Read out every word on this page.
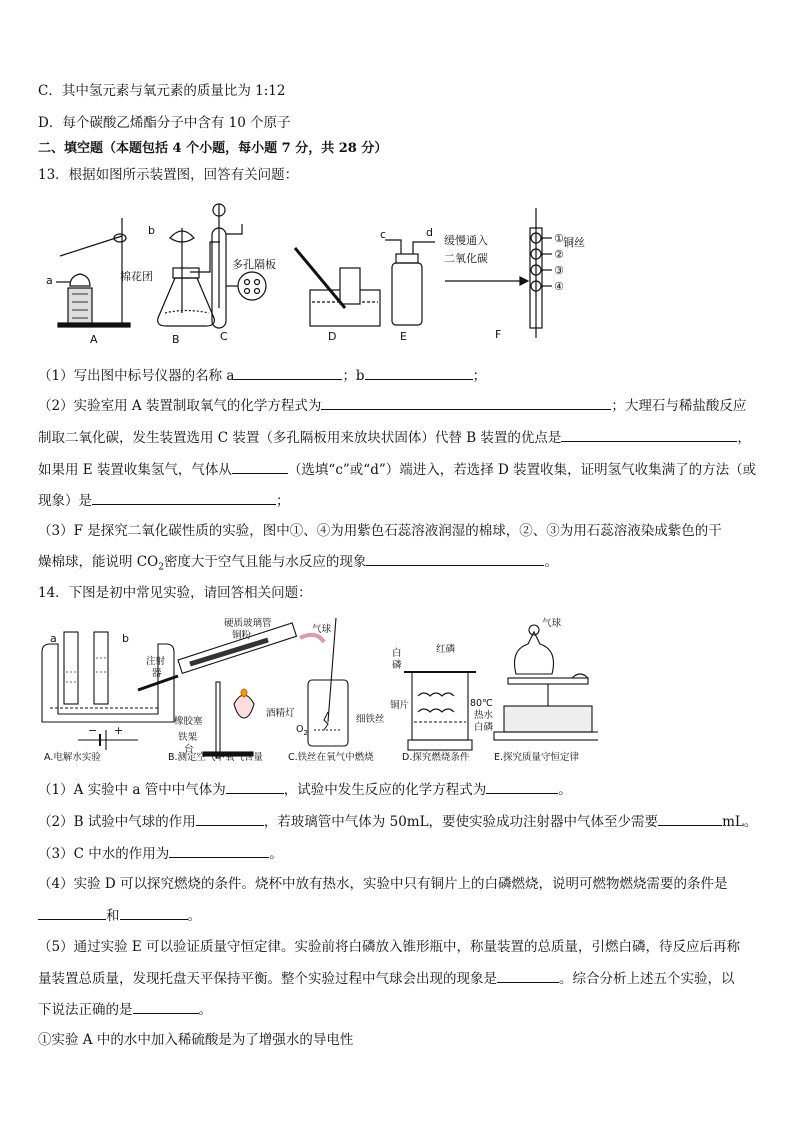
C．其中氢元素与氧元素的质量比为 1:12
D．每个碳酸乙烯酯分子中含有 10 个原子
二、填空题（本题包括 4 个小题，每小题 7 分，共 28 分）
13．根据如图所示装置图，回答有关问题：
a
b
棉花团
多孔隔板
c	d
缓慢通入
二氧化碳
铜丝
①
②
③
④
A	B	C	D	E	F
（1）写出图中标号仪器的名称 a	；b	；
（2）实验室用 A 装置制取氧气的化学方程式为	；大理石与稀盐酸反应
制取二氧化碳，发生装置选用 C 装置（多孔隔板用来放块状固体）代替 B 装置的优点是	，
如果用 E 装置收集氢气，气体从	（选填“c”或“d”）端进入，若选择 D 装置收集，证明氢气收集满了的方法（或
现象）是	；
（3）F 是探究二氧化碳性质的实验，图中①、④为用紫色石蕊溶液润湿的棉球，②、③为用石蕊溶液染成紫色的干
燥棉球，能说明 $CO_2$密度大于空气且能与水反应的现象	。
14．下图是初中常见实验，请回答相关问题：
a	b
− +
注射
器
硬质玻璃管
铜粉
气球
橡胶塞
酒精灯
铁架
台
$O_2$
细铁丝
白
磷
红磷
铜片	80℃
热水
白磷
气球
A.电解水实验	B.测定空气中氧气含量	C.铁丝在氧气中燃烧	D.探究燃烧条件	E.探究质量守恒定律
（1）A 实验中 a 管中中气体为	，试验中发生反应的化学方程式为	。
（2）B 试验中气球的作用	，若玻璃管中气体为 50mL，要使实验成功注射器中气体至少需要	mL。
（3）C 中水的作用为	。
（4）实验 D 可以探究燃烧的条件。烧杯中放有热水，实验中只有铜片上的白磷燃烧，说明可燃物燃烧需要的条件是
和	。
（5）通过实验 E 可以验证质量守恒定律。实验前将白磷放入锥形瓶中，称量装置的总质量，引燃白磷，待反应后再称
量装置总质量，发现托盘天平保持平衡。整个实验过程中气球会出现的现象是	。综合分析上述五个实验，以
下说法正确的是	。
①实验 A 中的水中加入稀硫酸是为了增强水的导电性
